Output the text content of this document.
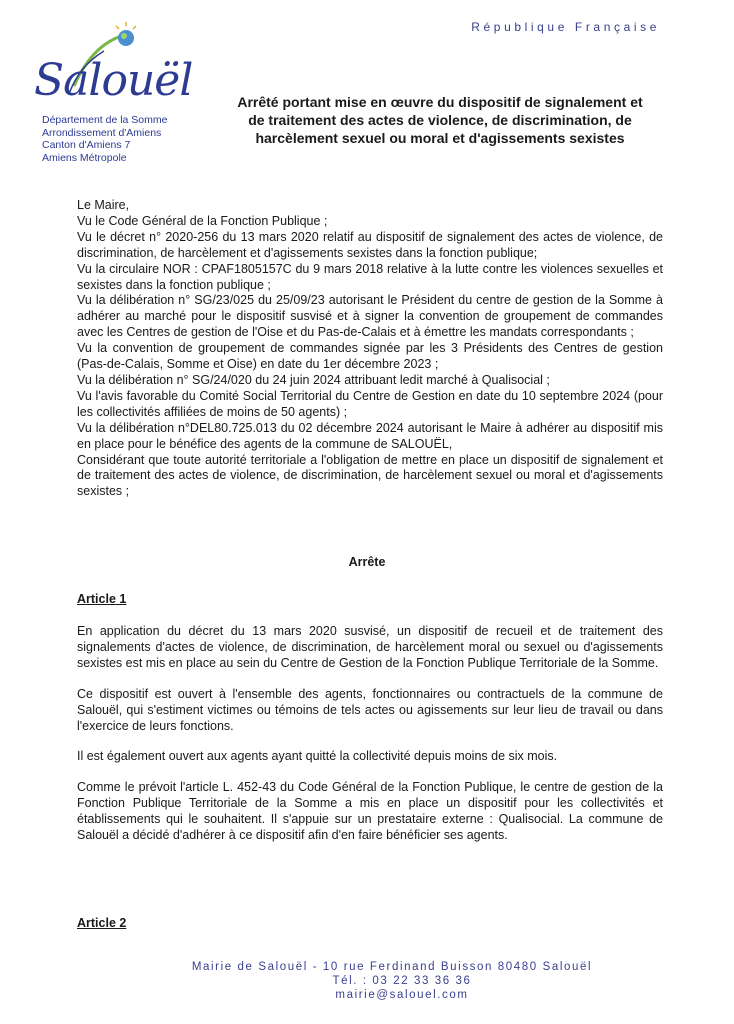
République Française
Salouël
Département de la Somme
Arrondissement d'Amiens
Canton d'Amiens 7
Amiens Métropole
Arrêté portant mise en œuvre du dispositif de signalement et de traitement des actes de violence, de discrimination, de harcèlement sexuel ou moral et d'agissements sexistes

Le Maire,

Vu le Code Général de la Fonction Publique ;

Vu le décret n° 2020-256 du 13 mars 2020 relatif au dispositif de signalement des actes de violence, de discrimination, de harcèlement et d'agissements sexistes dans la fonction publique;

Vu la circulaire NOR : CPAF1805157C du 9 mars 2018 relative à la lutte contre les violences sexuelles et sexistes dans la fonction publique ;

Vu la délibération n° SG/23/025 du 25/09/23 autorisant le Président du centre de gestion de la Somme à adhérer au marché pour le dispositif susvisé et à signer la convention de groupement de commandes avec les Centres de gestion de l'Oise et du Pas-de-Calais et à émettre les mandats correspondants ;

Vu la convention de groupement de commandes signée par les 3 Présidents des Centres de gestion (Pas-de-Calais, Somme et Oise) en date du 1er décembre 2023 ;

Vu la délibération n° SG/24/020 du 24 juin 2024 attribuant ledit marché à Qualisocial ;

Vu l'avis favorable du Comité Social Territorial du Centre de Gestion en date du 10 septembre 2024 (pour les collectivités affiliées de moins de 50 agents) ;

Vu la délibération n°DEL80.725.013 du 02 décembre 2024 autorisant le Maire à adhérer au dispositif mis en place pour le bénéfice des agents de la commune de SALOUËL,

Considérant que toute autorité territoriale a l'obligation de mettre en place un dispositif de signalement et de traitement des actes de violence, de discrimination, de harcèlement sexuel ou moral et d'agissements sexistes ;

Arrête
Article 1

En application du décret du 13 mars 2020 susvisé, un dispositif de recueil et de traitement des signalements d'actes de violence, de discrimination, de harcèlement moral ou sexuel ou d'agissements sexistes est mis en place au sein du Centre de Gestion de la Fonction Publique Territoriale de la Somme.

Ce dispositif est ouvert à l'ensemble des agents, fonctionnaires ou contractuels de la commune de Salouël, qui s'estiment victimes ou témoins de tels actes ou agissements sur leur lieu de travail ou dans l'exercice de leurs fonctions.

Il est également ouvert aux agents ayant quitté la collectivité depuis moins de six mois.

Comme le prévoit l'article L. 452-43 du Code Général de la Fonction Publique, le centre de gestion de la Fonction Publique Territoriale de la Somme a mis en place un dispositif pour les collectivités et établissements qui le souhaitent. Il s'appuie sur un prestataire externe : Qualisocial. La commune de Salouël a décidé d'adhérer à ce dispositif afin d'en faire bénéficier ses agents.

Article 2
Mairie de Salouël - 10 rue Ferdinand Buisson 80480 Salouël
Tél. : 03 22 33 36 36
mairie@salouel.com
